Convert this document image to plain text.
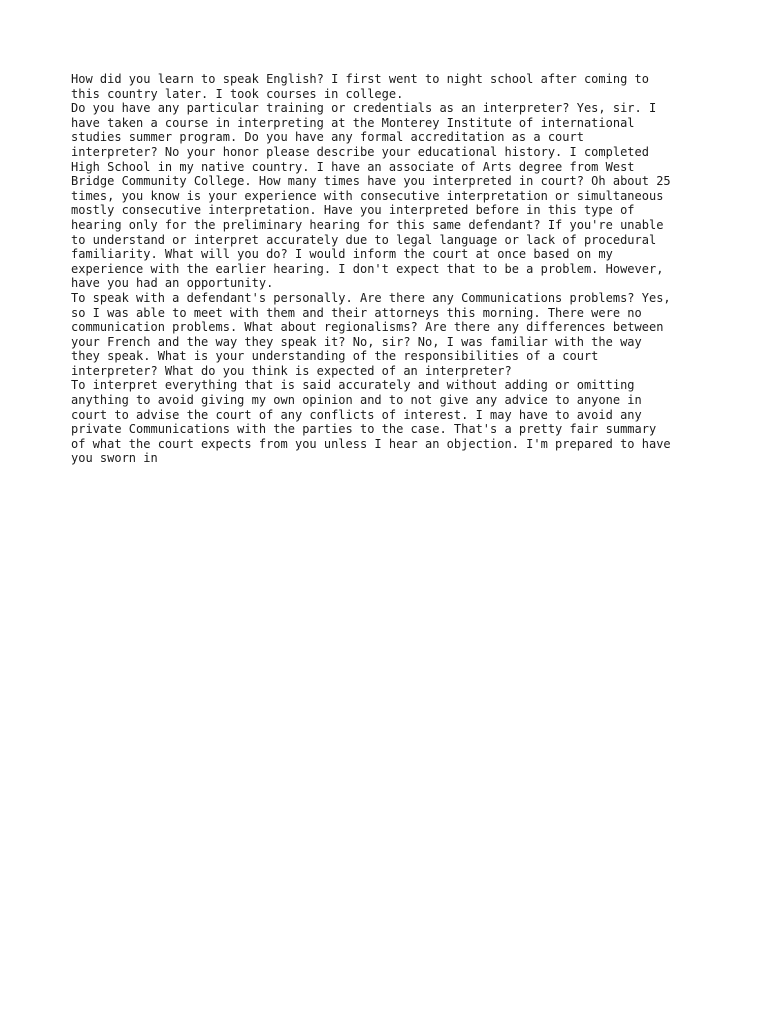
How did you learn to speak English? I first went to night school after coming to
this country later. I took courses in college.
Do you have any particular training or credentials as an interpreter? Yes, sir. I
have taken a course in interpreting at the Monterey Institute of international
studies summer program. Do you have any formal accreditation as a court
interpreter? No your honor please describe your educational history. I completed
High School in my native country. I have an associate of Arts degree from West
Bridge Community College. How many times have you interpreted in court? Oh about 25
times, you know is your experience with consecutive interpretation or simultaneous
mostly consecutive interpretation. Have you interpreted before in this type of
hearing only for the preliminary hearing for this same defendant? If you're unable
to understand or interpret accurately due to legal language or lack of procedural
familiarity. What will you do? I would inform the court at once based on my
experience with the earlier hearing. I don't expect that to be a problem. However,
have you had an opportunity.
To speak with a defendant's personally. Are there any Communications problems? Yes,
so I was able to meet with them and their attorneys this morning. There were no
communication problems. What about regionalisms? Are there any differences between
your French and the way they speak it? No, sir? No, I was familiar with the way
they speak. What is your understanding of the responsibilities of a court
interpreter? What do you think is expected of an interpreter?
To interpret everything that is said accurately and without adding or omitting
anything to avoid giving my own opinion and to not give any advice to anyone in
court to advise the court of any conflicts of interest. I may have to avoid any
private Communications with the parties to the case. That's a pretty fair summary
of what the court expects from you unless I hear an objection. I'm prepared to have
you sworn in
